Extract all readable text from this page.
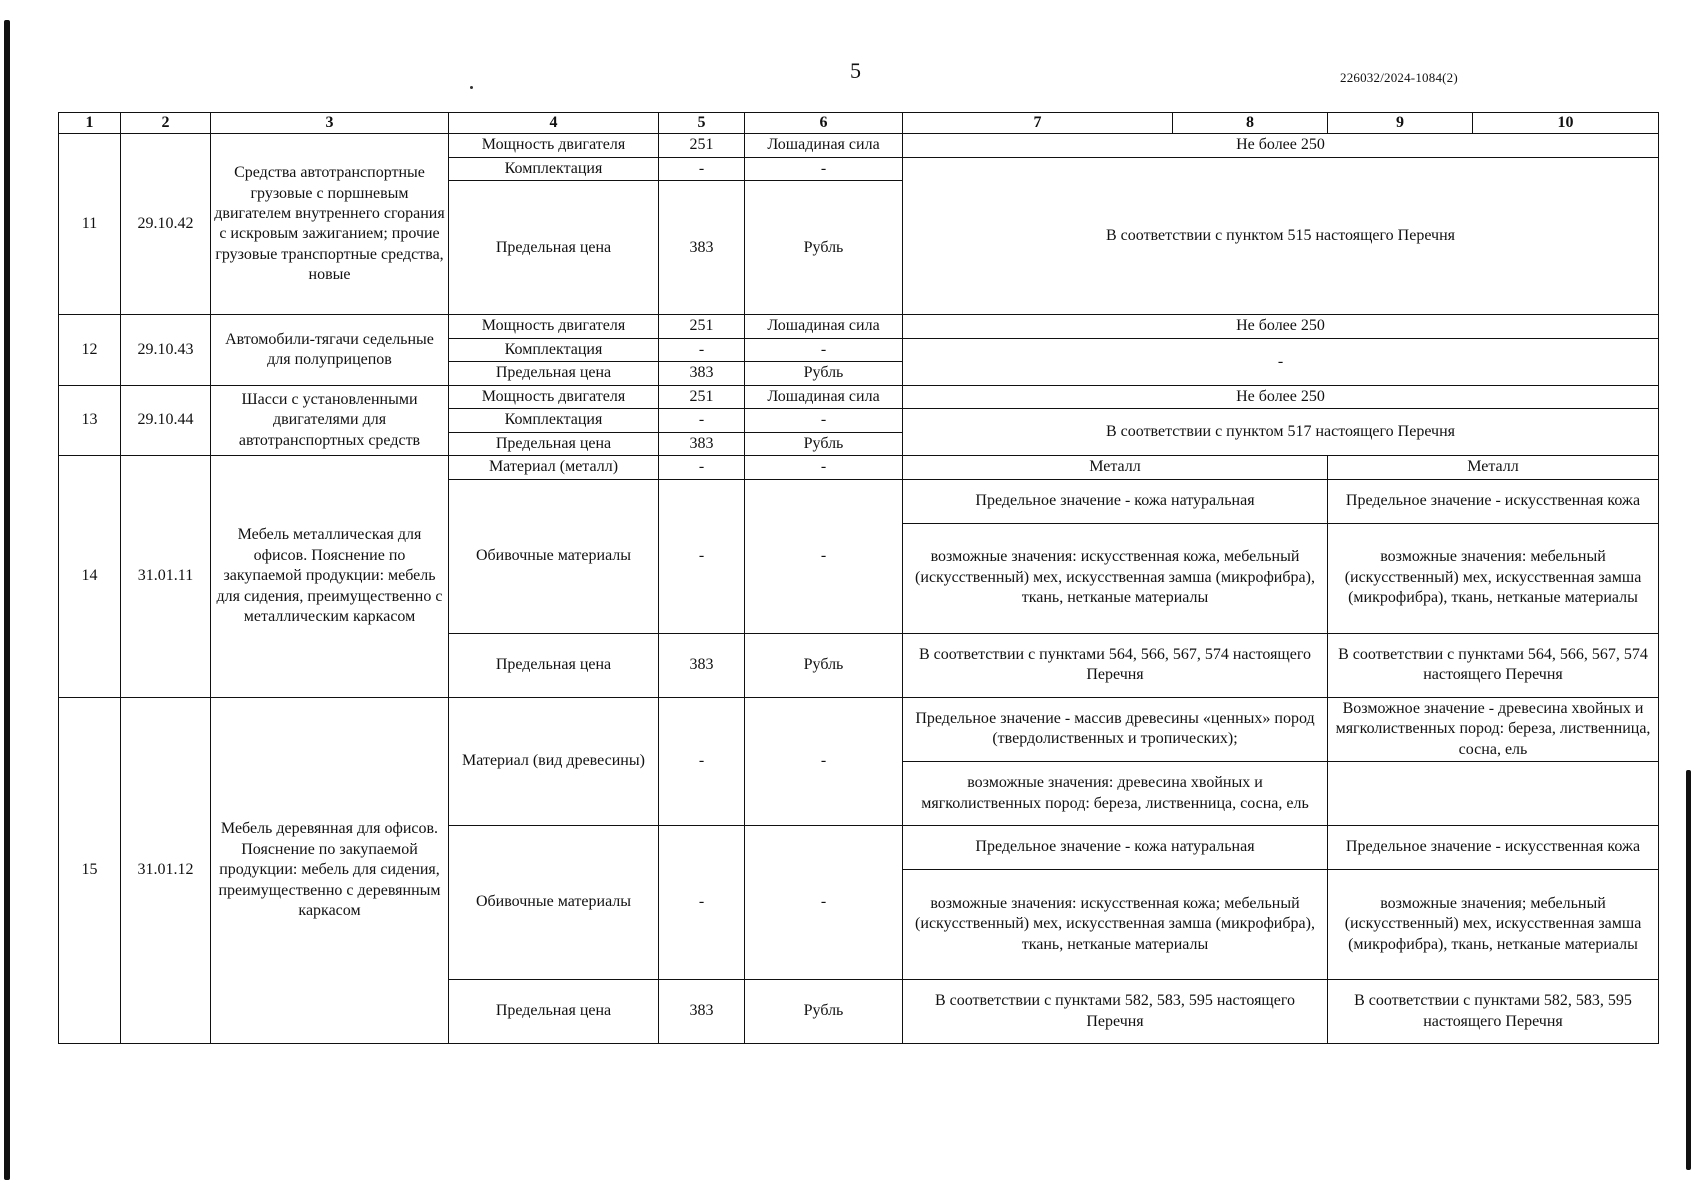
5	226032/2024-1084(2)
1	2	3	4	5	6	7	8	9	10
11	29.10.42	Средства автотранспортные грузовые с поршневым двигателем внутреннего сгорания с искровым зажиганием; прочие грузовые транспортные средства, новые	Мощность двигателя	251	Лошадиная сила	Не более 250			
			Комплектация	-	-	В соответствии с пунктом 515 настоящего Перечня			
			Предельная цена	383	Рубль				
12	29.10.43	Автомобили-тягачи седельные для полуприцепов	Мощность двигателя	251	Лошадиная сила	Не более 250			
			Комплектация	-	-	-			
			Предельная цена	383	Рубль				
13	29.10.44	Шасси с установленными двигателями для автотранспортных средств	Мощность двигателя	251	Лошадиная сила	Не более 250			
			Комплектация	-	-	В соответствии с пунктом 517 настоящего Перечня			
			Предельная цена	383	Рубль				
14	31.01.11	Мебель металлическая для офисов. Пояснение по закупаемой продукции: мебель для сидения, преимущественно с металлическим каркасом	Материал (металл)	-	-	Металл		Металл	
			Обивочные материалы	-	-	Предельное значение - кожа натуральная		Предельное значение - искусственная кожа	
						возможные значения: искусственная кожа, мебельный (искусственный) мех, искусственная замша (микрофибра), ткань, нетканые материалы		возможные значения: мебельный (искусственный) мех, искусственная замша (микрофибра), ткань, нетканые материалы	
			Предельная цена	383	Рубль	В соответствии с пунктами 564, 566, 567, 574 настоящего Перечня		В соответствии с пунктами 564, 566, 567, 574 настоящего Перечня	
15	31.01.12	Мебель деревянная для офисов. Пояснение по закупаемой продукции: мебель для сидения, преимущественно с деревянным каркасом	Материал (вид древесины)	-	-	Предельное значение - массив древесины «ценных» пород (твердолиственных и тропических);		Возможное значение - древесина хвойных и мягколиственных пород: береза, лиственница, сосна, ель	
						возможные значения: древесина хвойных и мягколиственных пород: береза, лиственница, сосна, ель			
			Обивочные материалы	-	-	Предельное значение - кожа натуральная		Предельное значение - искусственная кожа	
						возможные значения: искусственная кожа; мебельный (искусственный) мех, искусственная замша (микрофибра), ткань, нетканые материалы		возможные значения; мебельный (искусственный) мех, искусственная замша (микрофибра), ткань, нетканые материалы	
			Предельная цена	383	Рубль	В соответствии с пунктами 582, 583, 595 настоящего Перечня		В соответствии с пунктами 582, 583, 595 настоящего Перечня	
